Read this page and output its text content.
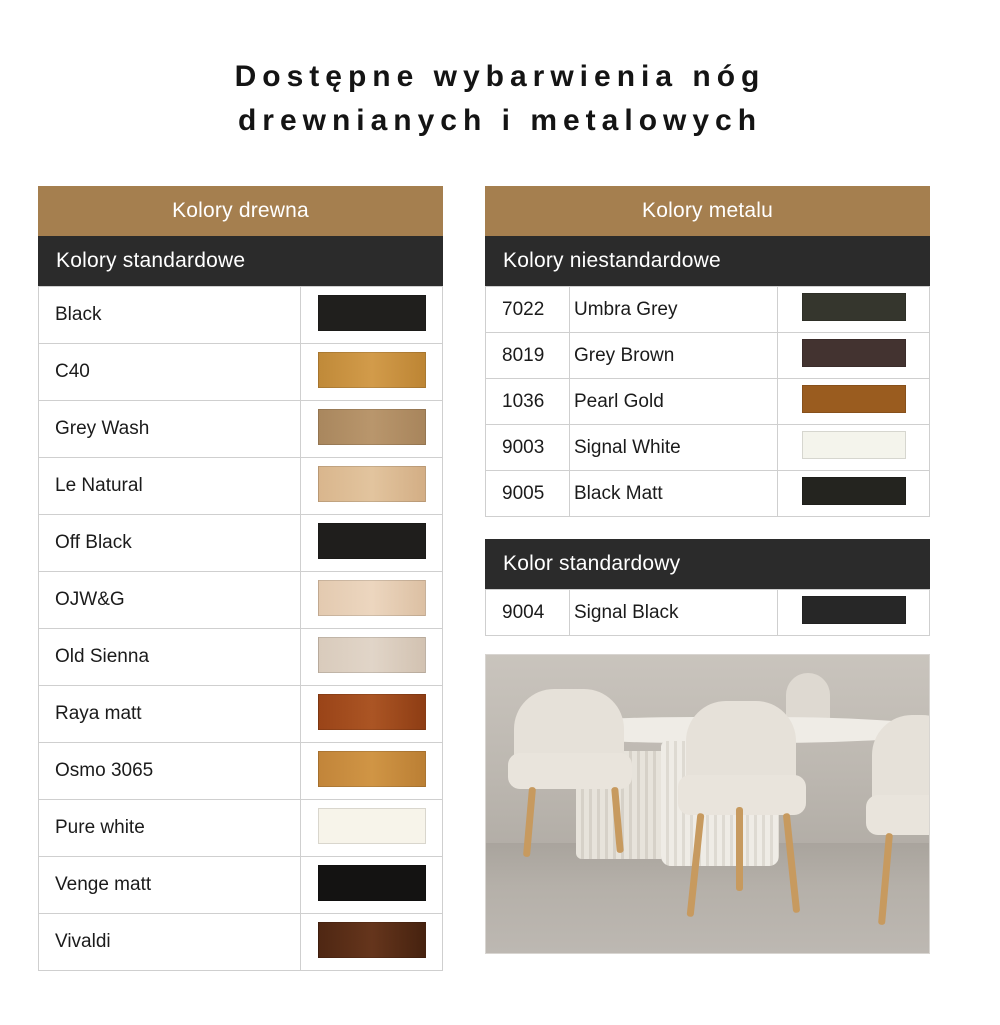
Dostępne wybarwienia nóg
drewnianych i metalowych
Kolory drewna
Kolory standardowe
Black	
C40	
Grey Wash	
Le Natural	
Off Black	
OJW&G	
Old Sienna	
Raya matt	
Osmo 3065	
Pure white	
Venge matt	
Vivaldi	
Kolory metalu
Kolory niestandardowe
7022	Umbra Grey	
8019	Grey Brown	
1036	Pearl Gold	
9003	Signal White	
9005	Black Matt	
Kolor standardowy
9004	Signal Black	
